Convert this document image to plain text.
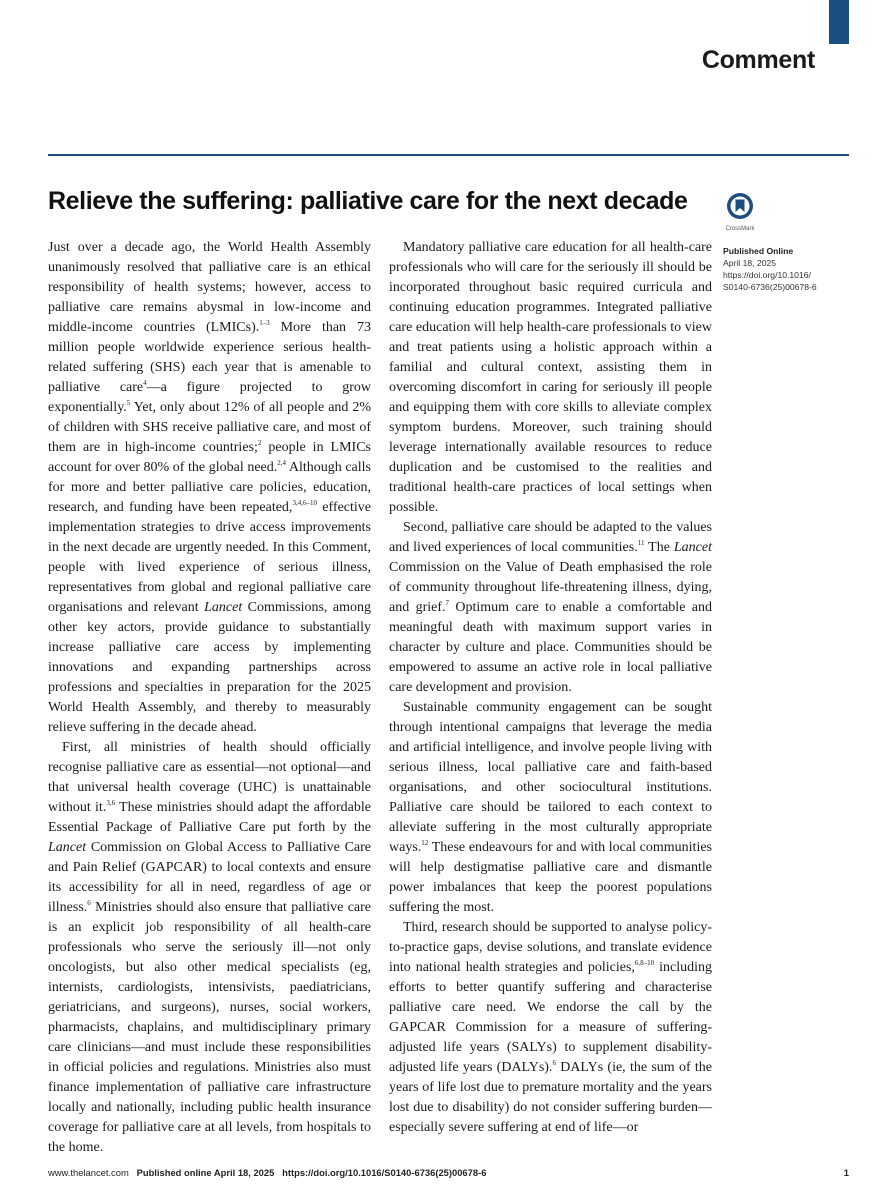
Comment
Relieve the suffering: palliative care for the next decade
CrossMark
Published Online
April 18, 2025
https://doi.org/10.1016/
S0140-6736(25)00678-6

Just over a decade ago, the World Health Assembly unanimously resolved that palliative care is an ethical responsibility of health systems; however, access to palliative care remains abysmal in low-income and middle-income countries (LMICs).$^{1-3}$ More than 73 million people worldwide experience serious health-related suffering (SHS) each year that is amenable to palliative care$^4$—a figure projected to grow exponentially.$^5$ Yet, only about 12% of all people and 2% of children with SHS receive palliative care, and most of them are in high-income countries;$^2$ people in LMICs account for over 80% of the global need.$^{2,4}$ Although calls for more and better palliative care policies, education, research, and funding have been repeated,$^{3,4,6-10}$ effective implementation strategies to drive access improvements in the next decade are urgently needed. In this Comment, people with lived experience of serious illness, representatives from global and regional palliative care organisations and relevant Lancet Commissions, among other key actors, provide guidance to substantially increase palliative care access by implementing innovations and expanding partnerships across professions and specialties in preparation for the 2025 World Health Assembly, and thereby to measurably relieve suffering in the decade ahead.

First, all ministries of health should officially recognise palliative care as essential—not optional—and that universal health coverage (UHC) is unattainable without it.$^{3,6}$ These ministries should adapt the affordable Essential Package of Palliative Care put forth by the Lancet Commission on Global Access to Palliative Care and Pain Relief (GAPCAR) to local contexts and ensure its accessibility for all in need, regardless of age or illness.$^6$ Ministries should also ensure that palliative care is an explicit job responsibility of all health-care professionals who serve the seriously ill—not only oncologists, but also other medical specialists (eg, internists, cardiologists, intensivists, paediatricians, geriatricians, and surgeons), nurses, social workers, pharmacists, chaplains, and multidisciplinary primary care clinicians—and must include these responsibilities in official policies and regulations. Ministries also must finance implementation of palliative care infrastructure locally and nationally, including public health insurance coverage for palliative care at all levels, from hospitals to the home.

Mandatory palliative care education for all health-care professionals who will care for the seriously ill should be incorporated throughout basic required curricula and continuing education programmes. Integrated palliative care education will help health-care professionals to view and treat patients using a holistic approach within a familial and cultural context, assisting them in overcoming discomfort in caring for seriously ill people and equipping them with core skills to alleviate complex symptom burdens. Moreover, such training should leverage internationally available resources to reduce duplication and be customised to the realities and traditional health-care practices of local settings when possible.

Second, palliative care should be adapted to the values and lived experiences of local communities.$^{11}$ The Lancet Commission on the Value of Death emphasised the role of community throughout life-threatening illness, dying, and grief.$^7$ Optimum care to enable a comfortable and meaningful death with maximum support varies in character by culture and place. Communities should be empowered to assume an active role in local palliative care development and provision.

Sustainable community engagement can be sought through intentional campaigns that leverage the media and artificial intelligence, and involve people living with serious illness, local palliative care and faith-based organisations, and other sociocultural institutions. Palliative care should be tailored to each context to alleviate suffering in the most culturally appropriate ways.$^{12}$ These endeavours for and with local communities will help destigmatise palliative care and dismantle power imbalances that keep the poorest populations suffering the most.

Third, research should be supported to analyse policy-to-practice gaps, devise solutions, and translate evidence into national health strategies and policies,$^{6,8-10}$ including efforts to better quantify suffering and characterise palliative care need. We endorse the call by the GAPCAR Commission for a measure of suffering-adjusted life years (SALYs) to supplement disability-adjusted life years (DALYs).$^6$ DALYs (ie, the sum of the years of life lost due to premature mortality and the years lost due to disability) do not consider suffering burden—especially severe suffering at end of life—or

www.thelancet.com Published online April 18, 2025 https://doi.org/10.1016/S0140-6736(25)00678-6	1
